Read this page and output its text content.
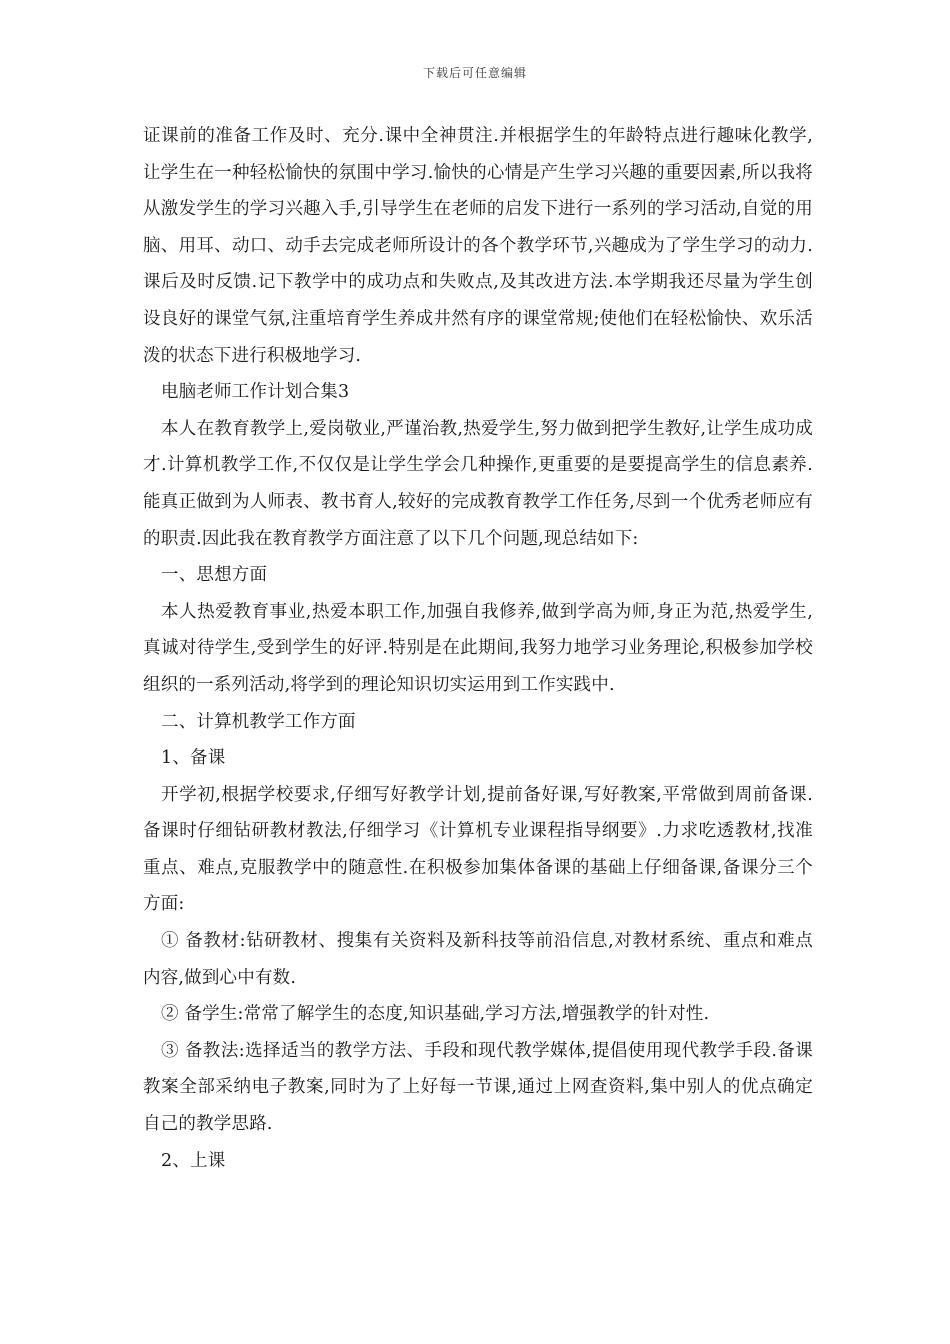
下载后可任意编辑

证课前的准备工作及时、充分.课中全神贯注.并根据学生的年龄特点进行趣味化教学,让学生在一种轻松愉快的氛围中学习.愉快的心情是产生学习兴趣的重要因素,所以我将从激发学生的学习兴趣入手,引导学生在老师的启发下进行一系列的学习活动,自觉的用脑、用耳、动口、动手去完成老师所设计的各个教学环节,兴趣成为了学生学习的动力.课后及时反馈.记下教学中的成功点和失败点,及其改进方法.本学期我还尽量为学生创设良好的课堂气氛,注重培育学生养成井然有序的课堂常规;使他们在轻松愉快、欢乐活泼的状态下进行积极地学习.

电脑老师工作计划合集3

本人在教育教学上,爱岗敬业,严谨治教,热爱学生,努力做到把学生教好,让学生成功成才.计算机教学工作,不仅仅是让学生学会几种操作,更重要的是要提高学生的信息素养.能真正做到为人师表、教书育人,较好的完成教育教学工作任务,尽到一个优秀老师应有的职责.因此我在教育教学方面注意了以下几个问题,现总结如下:

一、思想方面

本人热爱教育事业,热爱本职工作,加强自我修养,做到学高为师,身正为范,热爱学生,真诚对待学生,受到学生的好评.特别是在此期间,我努力地学习业务理论,积极参加学校组织的一系列活动,将学到的理论知识切实运用到工作实践中.

二、计算机教学工作方面

1、备课

开学初,根据学校要求,仔细写好教学计划,提前备好课,写好教案,平常做到周前备课.备课时仔细钻研教材教法,仔细学习《计算机专业课程指导纲要》.力求吃透教材,找准重点、难点,克服教学中的随意性.在积极参加集体备课的基础上仔细备课,备课分三个方面:

① 备教材:钻研教材、搜集有关资料及新科技等前沿信息,对教材系统、重点和难点内容,做到心中有数.

② 备学生:常常了解学生的态度,知识基础,学习方法,增强教学的针对性.

③ 备教法:选择适当的教学方法、手段和现代教学媒体,提倡使用现代教学手段.备课教案全部采纳电子教案,同时为了上好每一节课,通过上网查资料,集中别人的优点确定自己的教学思路.

2、上课
